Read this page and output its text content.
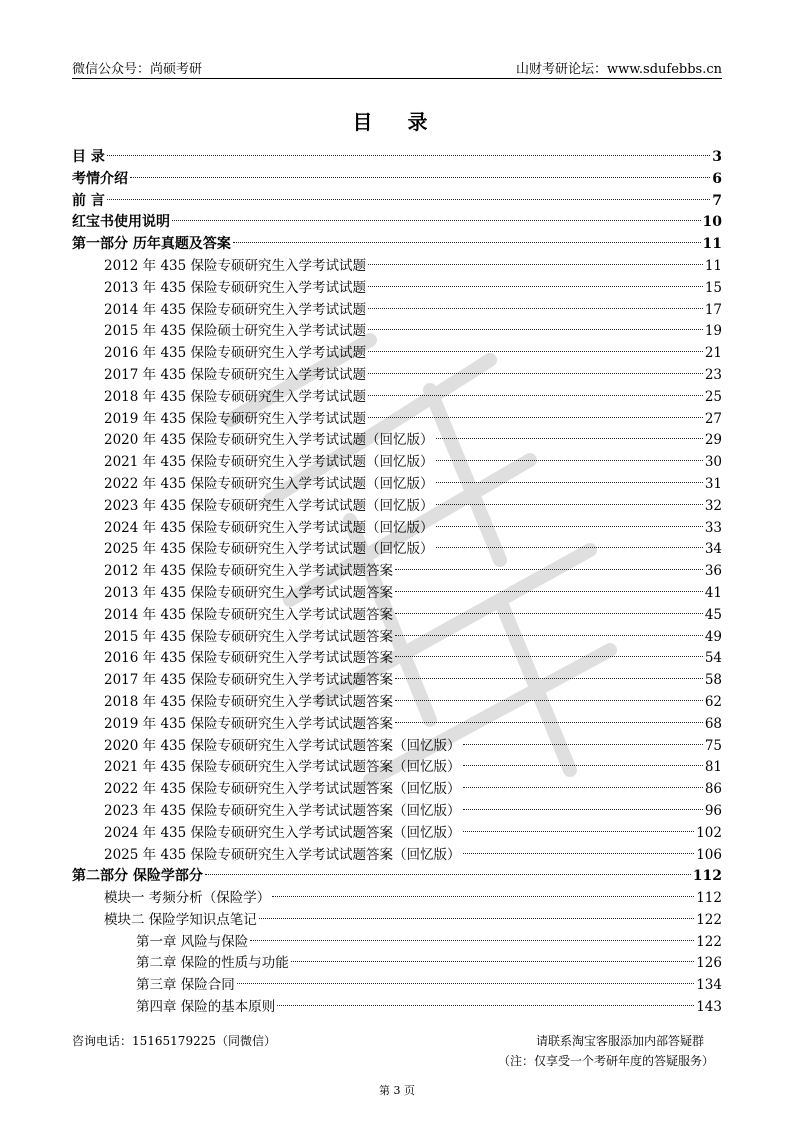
微信公众号：尚硕考研	山财考研论坛：www.sdufebbs.cn
目 录
目 录	3
考情介绍	6
前 言	7
红宝书使用说明	10
第一部分 历年真题及答案	11
2012 年 435 保险专硕研究生入学考试试题	11
2013 年 435 保险专硕研究生入学考试试题	15
2014 年 435 保险专硕研究生入学考试试题	17
2015 年 435 保险硕士研究生入学考试试题	19
2016 年 435 保险专硕研究生入学考试试题	21
2017 年 435 保险专硕研究生入学考试试题	23
2018 年 435 保险专硕研究生入学考试试题	25
2019 年 435 保险专硕研究生入学考试试题	27
2020 年 435 保险专硕研究生入学考试试题（回忆版）	29
2021 年 435 保险专硕研究生入学考试试题（回忆版）	30
2022 年 435 保险专硕研究生入学考试试题（回忆版）	31
2023 年 435 保险专硕研究生入学考试试题（回忆版）	32
2024 年 435 保险专硕研究生入学考试试题（回忆版）	33
2025 年 435 保险专硕研究生入学考试试题（回忆版）	34
2012 年 435 保险专硕研究生入学考试试题答案	36
2013 年 435 保险专硕研究生入学考试试题答案	41
2014 年 435 保险专硕研究生入学考试试题答案	45
2015 年 435 保险专硕研究生入学考试试题答案	49
2016 年 435 保险专硕研究生入学考试试题答案	54
2017 年 435 保险专硕研究生入学考试试题答案	58
2018 年 435 保险专硕研究生入学考试试题答案	62
2019 年 435 保险专硕研究生入学考试试题答案	68
2020 年 435 保险专硕研究生入学考试试题答案（回忆版）	75
2021 年 435 保险专硕研究生入学考试试题答案（回忆版）	81
2022 年 435 保险专硕研究生入学考试试题答案（回忆版）	86
2023 年 435 保险专硕研究生入学考试试题答案（回忆版）	96
2024 年 435 保险专硕研究生入学考试试题答案（回忆版）	102
2025 年 435 保险专硕研究生入学考试试题答案（回忆版）	106
第二部分 保险学部分	112
模块一 考频分析（保险学）	112
模块二 保险学知识点笔记	122
第一章 风险与保险	122
第二章 保险的性质与功能	126
第三章 保险合同	134
第四章 保险的基本原则	143
咨询电话：15165179225（同微信）	请联系淘宝客服添加内部答疑群
（注：仅享受一个考研年度的答疑服务）
第 3 页
